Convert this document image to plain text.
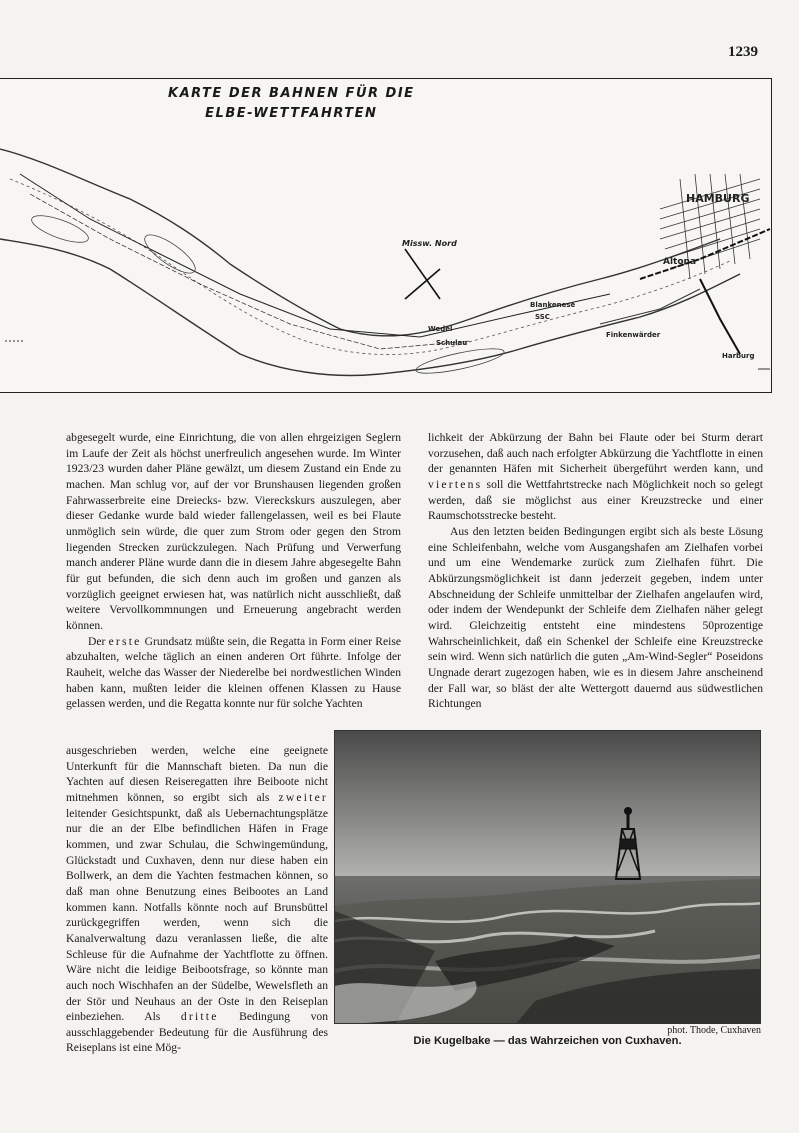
1239
KARTE DER BAHNEN FÜR DIE
ELBE-WETTFAHRTEN
HAMBURG
Altona
Blankenese
SSC
Finkenwärder
Wedel
Schulau
Harburg
Missw. Nord

abgesegelt wurde, eine Einrichtung, die von allen ehrgeizigen Seglern im Laufe der Zeit als höchst unerfreulich angesehen wurde. Im Winter 1923/23 wurden daher Pläne gewälzt, um diesem Zustand ein Ende zu machen. Man schlug vor, auf der vor Brunshausen liegenden großen Fahrwasserbreite eine Dreiecks- bzw. Viereckskurs auszulegen, aber dieser Gedanke wurde bald wieder fallengelassen, weil es bei Flaute unmöglich sein würde, die quer zum Strom oder gegen den Strom liegenden Strecken zurückzulegen. Nach Prüfung und Verwerfung manch anderer Pläne wurde dann die in diesem Jahre abgesegelte Bahn für gut befunden, die sich denn auch im großen und ganzen als vorzüglich geeignet erwiesen hat, was natürlich nicht ausschließt, daß weitere Vervollkommnungen und Erneuerung angebracht werden können.

Der erste Grundsatz müßte sein, die Regatta in Form einer Reise abzuhalten, welche täglich an einen anderen Ort führte. Infolge der Rauheit, welche das Wasser der Niederelbe bei nordwestlichen Winden haben kann, mußten leider die kleinen offenen Klassen zu Hause gelassen werden, und die Regatta konnte nur für solche Yachten

ausgeschrieben werden, welche eine geeignete Unterkunft für die Mannschaft bieten. Da nun die Yachten auf diesen Reiseregatten ihre Beiboote nicht mitnehmen können, so ergibt sich als zweiter leitender Gesichtspunkt, daß als Uebernachtungsplätze nur die an der Elbe befindlichen Häfen in Frage kommen, und zwar Schulau, die Schwingemündung, Glückstadt und Cuxhaven, denn nur diese haben ein Bollwerk, an dem die Yachten festmachen können, so daß man ohne Benutzung eines Beibootes an Land kommen kann. Notfalls könnte noch auf Brunsbüttel zurückgegriffen werden, wenn sich die Kanalverwaltung dazu veranlassen ließe, die alte Schleuse für die Aufnahme der Yachtflotte zu öffnen. Wäre nicht die leidige Beibootsfrage, so könnte man auch noch Wischhafen an der Südelbe, Wewelsfleth an der Stör und Neuhaus an der Oste in den Reiseplan einbeziehen. Als dritte Bedingung von ausschlaggebender Bedeutung für die Ausführung des Reiseplans ist eine Mög-

lichkeit der Abkürzung der Bahn bei Flaute oder bei Sturm derart vorzusehen, daß auch nach erfolgter Abkürzung die Yachtflotte in einen der genannten Häfen mit Sicherheit übergeführt werden kann, und viertens soll die Wettfahrtstrecke nach Möglichkeit noch so gelegt werden, daß sie möglichst aus einer Kreuzstrecke und einer Raumschotsstrecke besteht.

Aus den letzten beiden Bedingungen ergibt sich als beste Lösung eine Schleifenbahn, welche vom Ausgangshafen am Zielhafen vorbei und um eine Wendemarke zurück zum Zielhafen führt. Die Abkürzungsmöglichkeit ist dann jederzeit gegeben, indem unter Abschneidung der Schleife unmittelbar der Zielhafen angelaufen wird, oder indem der Wendepunkt der Schleife dem Zielhafen näher gelegt wird. Gleichzeitig entsteht eine mindestens 50prozentige Wahrscheinlichkeit, daß ein Schenkel der Schleife eine Kreuzstrecke sein wird. Wenn sich natürlich die guten „Am-Wind-Segler“ Poseidons Ungnade derart zugezogen haben, wie es in diesem Jahre anscheinend der Fall war, so bläst der alte Wettergott dauernd aus südwestlichen Richtungen

phot. Thode, Cuxhaven
Die Kugelbake — das Wahrzeichen von Cuxhaven.
